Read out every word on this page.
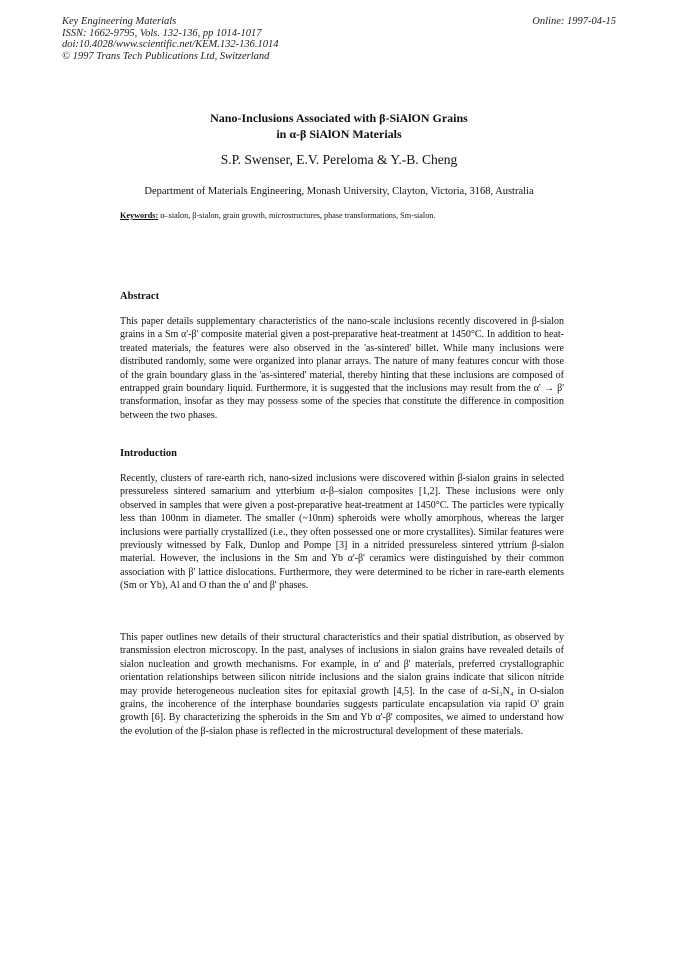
Key Engineering Materials
ISSN: 1662-9795, Vols. 132-136, pp 1014-1017
doi:10.4028/www.scientific.net/KEM.132-136.1014
© 1997 Trans Tech Publications Ltd, Switzerland
Online: 1997-04-15
Nano-Inclusions Associated with β-SiAlON Grains
in α-β SiAlON Materials
S.P. Swenser, E.V. Pereloma & Y.-B. Cheng
Department of Materials Engineering, Monash University, Clayton, Victoria, 3168, Australia
Keywords: α–sialon, β-sialon, grain growth, microstructures, phase transformations, Sm-sialon.
Abstract

This paper details supplementary characteristics of the nano-scale inclusions recently discovered in β-sialon grains in a Sm α'-β' composite material given a post-preparative heat-treatment at 1450°C. In addition to heat-treated materials, the features were also observed in the 'as-sintered' billet. While many inclusions were distributed randomly, some were organized into planar arrays. The nature of many features concur with those of the grain boundary glass in the 'as-sintered' material, thereby hinting that these inclusions are composed of entrapped grain boundary liquid. Furthermore, it is suggested that the inclusions may result from the α' → β' transformation, insofar as they may possess some of the species that constitute the difference in composition between the two phases.

Introduction

Recently, clusters of rare-earth rich, nano-sized inclusions were discovered within β-sialon grains in selected pressureless sintered samarium and ytterbium α-β–sialon composites [1,2]. These inclusions were only observed in samples that were given a post-preparative heat-treatment at 1450°C. The particles were typically less than 100nm in diameter. The smaller (~10nm) spheroids were wholly amorphous, whereas the larger inclusions were partially crystallized (i.e., they often possessed one or more crystallites). Similar features were previously witnessed by Falk, Dunlop and Pompe [3] in a nitrided pressureless sintered yttrium β-sialon material. However, the inclusions in the Sm and Yb α'-β' ceramics were distinguished by their common association with β' lattice dislocations. Furthermore, they were determined to be richer in rare-earth elements (Sm or Yb), Al and O than the α' and β' phases.

This paper outlines new details of their structural characteristics and their spatial distribution, as observed by transmission electron microscopy. In the past, analyses of inclusions in sialon grains have revealed details of sialon nucleation and growth mechanisms. For example, in α' and β' materials, preferred crystallographic orientation relationships between silicon nitride inclusions and the sialon grains indicate that silicon nitride may provide heterogeneous nucleation sites for epitaxial growth [4,5]. In the case of α-Si₃N₄ in O-sialon grains, the incoherence of the interphase boundaries suggests particulate encapsulation via rapid O' grain growth [6]. By characterizing the spheroids in the Sm and Yb α'-β' composites, we aimed to understand how the evolution of the β-sialon phase is reflected in the microstructural development of these materials.
